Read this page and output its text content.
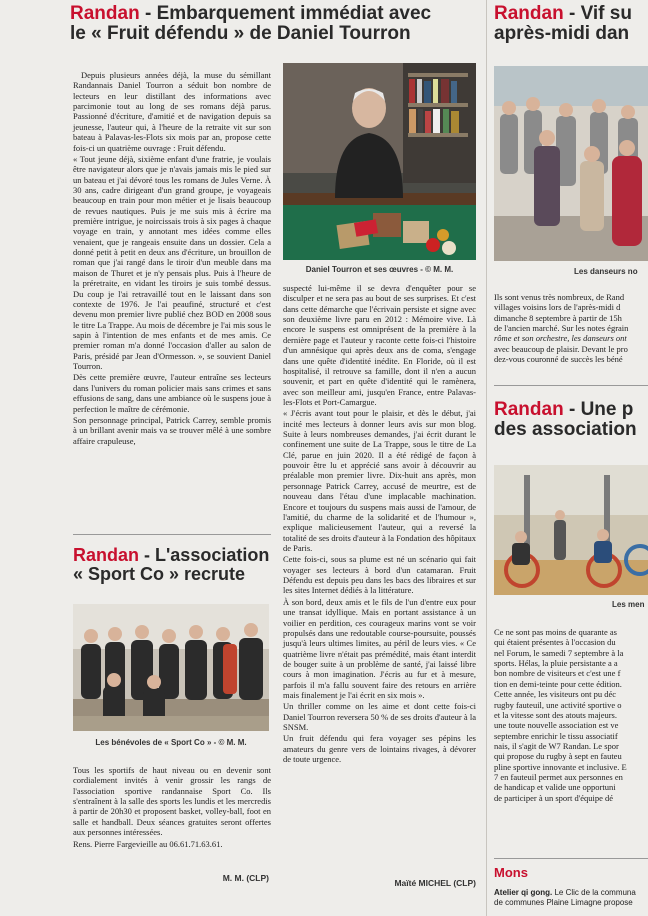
Randan - Embarquement immédiat avec
le « Fruit défendu » de Daniel Tourron

Depuis plusieurs années déjà, la muse du sémillant Randannais Daniel Tourron a séduit bon nombre de lecteurs en leur distillant des informations avec parcimonie tout au long de ses romans déjà parus. Passionné d'écriture, d'amitié et de navigation depuis sa jeunesse, l'auteur qui, à l'heure de la retraite vit sur son bateau à Palavas-les-Flots six mois par an, propose cette fois-ci un quatrième ouvrage : Fruit défendu.

« Tout jeune déjà, sixième enfant d'une fratrie, je voulais être navigateur alors que je n'avais jamais mis le pied sur un bateau et j'ai dévoré tous les romans de Jules Verne. À 30 ans, cadre dirigeant d'un grand groupe, je voyageais beaucoup en train pour mon métier et je lisais beaucoup de revues nautiques. Puis je me suis mis à écrire ma première intrigue, je noircissais trois à six pages à chaque voyage en train, y annotant mes idées comme elles venaient, que je rangeais ensuite dans un dossier. Cela a donné petit à petit en deux ans d'écriture, un brouillon de roman que j'ai rangé dans le tiroir d'un meuble dans ma maison de Thuret et je n'y pensais plus. Puis à l'heure de la préretraite, en vidant les tiroirs je suis tombé dessus. Du coup je l'ai retravaillé tout en le laissant dans son contexte de 1976. Je l'ai peaufiné, structuré et c'est devenu mon premier livre publié chez BOD en 2008 sous le titre La Trappe. Au mois de décembre je l'ai mis sous le sapin à l'intention de mes enfants et de mes amis. Ce premier roman m'a donné l'occasion d'aller au salon de Paris, présidé par Jean d'Ormesson. », se souvient Daniel Tourron.

Dès cette première œuvre, l'auteur entraîne ses lecteurs dans l'univers du roman policier mais sans crimes et sans effusions de sang, dans une ambiance où le suspens joue à perfection le maître de cérémonie.

Son personnage principal, Patrick Carrey, semble promis à un brillant avenir mais va se trouver mêlé à une sombre affaire crapuleuse,

Daniel Tourron et ses œuvres - © M. M.

suspecté lui-même il se devra d'enquêter pour se disculper et ne sera pas au bout de ses surprises. Et c'est dans cette démarche que l'écrivain persiste et signe avec son deuxième livre paru en 2012 : Mémoire vive. Là encore le suspens est omniprésent de la première à la dernière page et l'auteur y raconte cette fois-ci l'histoire d'un amnésique qui après deux ans de coma, s'engage dans une quête d'identité inédite. En Floride, où il est hospitalisé, il retrouve sa famille, dont il n'en a aucun souvenir, et part en quête d'identité qui le ramènera, avec son meilleur ami, jusqu'en France, entre Palavas-les-Flots et Port-Camargue.

« J'écris avant tout pour le plaisir, et dès le début, j'ai incité mes lecteurs à donner leurs avis sur mon blog. Suite à leurs nombreuses demandes, j'ai écrit durant le confinement une suite de La Trappe, sous le titre de La Clé, parue en juin 2020. Il a été rédigé de façon à pouvoir être lu et apprécié sans avoir à découvrir au préalable mon premier livre. Dix-huit ans après, mon personnage Patrick Carrey, accusé de meurtre, est de nouveau dans l'étau d'une implacable machination. Encore et toujours du suspens mais aussi de l'amour, de l'amitié, du charme de la solidarité et de l'humour », explique malicieusement l'auteur, qui a reversé la totalité de ses droits d'auteur à la Fondation des hôpitaux de Paris.

Cette fois-ci, sous sa plume est né un scénario qui fait voyager ses lecteurs à bord d'un catamaran. Fruit Défendu est depuis peu dans les bacs des libraires et sur les sites Internet dédiés à la littérature.

À son bord, deux amis et le fils de l'un d'entre eux pour une transat idyllique. Mais en portant assistance à un voilier en perdition, ces courageux marins vont se voir propulsés dans une redoutable course-poursuite, poussés jusqu'à leurs ultimes limites, au péril de leurs vies. « Ce quatrième livre n'était pas prémédité, mais étant interdit de bouger suite à un problème de santé, j'ai laissé libre cours à mon imagination. J'écris au fur et à mesure, parfois il m'a fallu souvent faire des retours en arrière mais finalement je l'ai écrit en six mois ».

Un thriller comme on les aime et dont cette fois-ci Daniel Tourron reversera 50 % de ses droits d'auteur à la SNSM.

Un fruit défendu qui fera voyager ses pépins les amateurs du genre vers de lointains rivages, à dévorer de toute urgence.

Maïté MICHEL (CLP)
Randan - L'association
« Sport Co » recrute
Les bénévoles de « Sport Co » - © M. M.

Tous les sportifs de haut niveau ou en devenir sont cordialement invités à venir grossir les rangs de l'association sportive randannaise Sport Co. Ils s'entraînent à la salle des sports les lundis et les mercredis à partir de 20h30 et proposent basket, volley-ball, foot en salle et handball. Deux séances gratuites seront offertes aux personnes intéressées.

Rens. Pierre Fargevieille au 06.61.71.63.61.

M. M. (CLP)
Randan - Vif su
après-midi dan
Les danseurs no
Ils sont venus très nombreux, de Rand
villages voisins lors de l'après-midi d
dimanche 8 septembre à partir de 15h
de l'ancien marché. Sur les notes égrain
rôme et son orchestre, les danseurs ont
avec beaucoup de plaisir. Devant le pro
dez-vous couronné de succès les béné
Randan - Une p
des association
Les men
Ce ne sont pas moins de quarante as
qui étaient présentes à l'occasion du
nel Forum, le samedi 7 septembre à la
sports. Hélas, la pluie persistante a a
bon nombre de visiteurs et c'est une f
tion en demi-teinte pour cette édition.
Cette année, les visiteurs ont pu déc
rugby fauteuil, une activité sportive o
et la vitesse sont des atouts majeurs.
une toute nouvelle association est ve
septembre enrichir le tissu associatif
nais, il s'agit de W7 Randan. Le spor
qui propose du rugby à sept en fauteu
pline sportive innovante et inclusive. E
7 en fauteuil permet aux personnes en
de handicap et valide une opportuni
de participer à un sport d'équipe dé
Mons
Atelier qi gong. Le Clic de la communa
de communes Plaine Limagne propose
